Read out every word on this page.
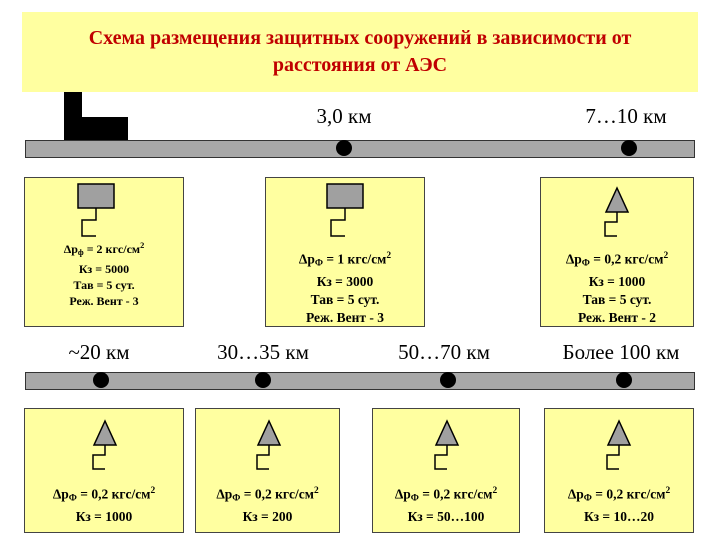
Схема размещения защитных сооружений в зависимости от
расстояния от АЭС
3,0 км	7…10 км
$\Delta р_ф = 2$ кгс/$см^2$
Кз = 5000
Тав = 5 сут.
Реж. Вент - 3
$\Delta р_Ф = 1$ кгс/$см^2$
Кз = 3000
Тав = 5 сут.
Реж. Вент - 3
$\Delta р_Ф = 0,2$ кгс/$см^2$
Кз = 1000
Тав = 5 сут.
Реж. Вент - 2
~20 км	30…35 км	50…70 км	Более 100 км
$\Delta р_Ф = 0,2$ кгс/$см^2$
Кз = 1000
$\Delta р_Ф = 0,2$ кгс/$см^2$
Кз = 200
$\Delta р_Ф = 0,2$ кгс/$см^2$
Кз = 50…100
$\Delta р_Ф = 0,2$ кгс/$см^2$
Кз = 10…20
